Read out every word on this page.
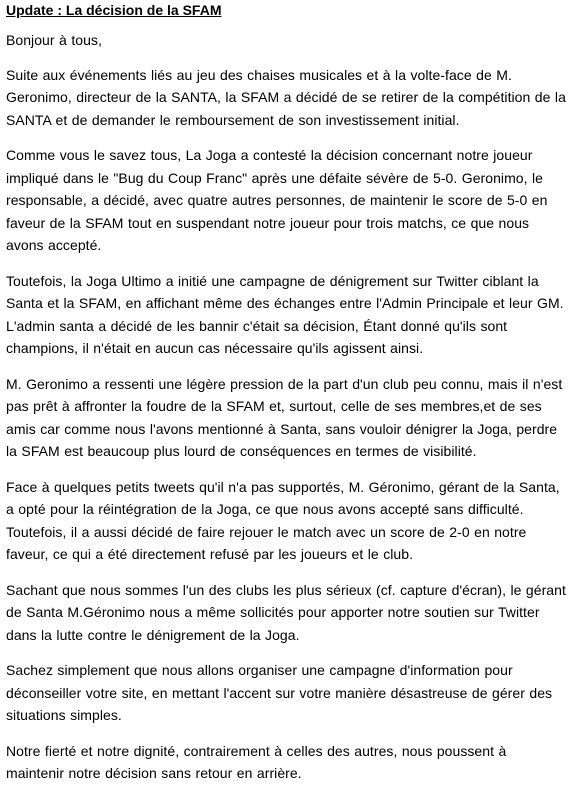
Update : La décision de la SFAM

Bonjour à tous,

Suite aux événements liés au jeu des chaises musicales et à la volte-face de M. Geronimo, directeur de la SANTA, la SFAM a décidé de se retirer de la compétition de la SANTA et de demander le remboursement de son investissement initial.

Comme vous le savez tous, La Joga a contesté la décision concernant notre joueur impliqué dans le "Bug du Coup Franc" après une défaite sévère de 5-0. Geronimo, le responsable, a décidé, avec quatre autres personnes, de maintenir le score de 5-0 en faveur de la SFAM tout en suspendant notre joueur pour trois matchs, ce que nous avons accepté.

Toutefois, la Joga Ultimo a initié une campagne de dénigrement sur Twitter ciblant la Santa et la SFAM, en affichant même des échanges entre l'Admin Principale et leur GM. L'admin santa a décidé de les bannir c'était sa décision, Étant donné qu'ils sont champions, il n'était en aucun cas nécessaire qu'ils agissent ainsi.

M. Geronimo a ressenti une légère pression de la part d'un club peu connu, mais il n'est pas prêt à affronter la foudre de la SFAM et, surtout, celle de ses membres,et de ses amis car comme nous l'avons mentionné à Santa, sans vouloir dénigrer la Joga, perdre la SFAM est beaucoup plus lourd de conséquences en termes de visibilité.

Face à quelques petits tweets qu'il n'a pas supportés, M. Géronimo, gérant de la Santa, a opté pour la réintégration de la Joga, ce que nous avons accepté sans difficulté. Toutefois, il a aussi décidé de faire rejouer le match avec un score de 2-0 en notre faveur, ce qui a été directement refusé par les joueurs et le club.

Sachant que nous sommes l'un des clubs les plus sérieux (cf. capture d'écran), le gérant de Santa M.Géronimo nous a même sollicités pour apporter notre soutien sur Twitter dans la lutte contre le dénigrement de la Joga.

Sachez simplement que nous allons organiser une campagne d'information pour déconseiller votre site, en mettant l'accent sur votre manière désastreuse de gérer des situations simples.

Notre fierté et notre dignité, contrairement à celles des autres, nous poussent à maintenir notre décision sans retour en arrière.
